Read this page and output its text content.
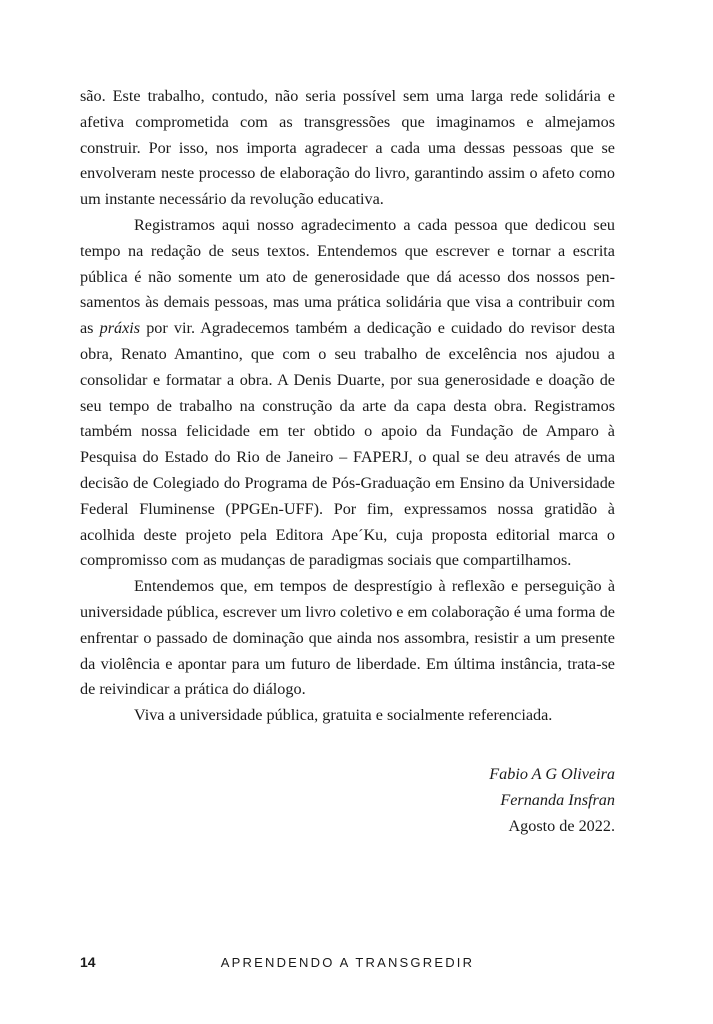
são. Este trabalho, contudo, não seria possível sem uma larga rede solidária e afetiva comprometida com as transgressões que imaginamos e almejamos construir. Por isso, nos importa agradecer a cada uma dessas pessoas que se envolveram neste processo de elaboração do livro, garantindo assim o afeto como um instante necessário da revolução educativa.

Registramos aqui nosso agradecimento a cada pessoa que dedicou seu tempo na redação de seus textos. Entendemos que escrever e tornar a escrita pública é não somente um ato de generosidade que dá acesso dos nossos pensamentos às demais pessoas, mas uma prática solidária que visa a contribuir com as práxis por vir. Agradecemos também a dedicação e cuidado do revisor desta obra, Renato Amantino, que com o seu trabalho de excelência nos ajudou a consolidar e formatar a obra. A Denis Duarte, por sua generosidade e doação de seu tempo de trabalho na construção da arte da capa desta obra. Registramos também nossa felicidade em ter obtido o apoio da Fundação de Amparo à Pesquisa do Estado do Rio de Janeiro – FAPERJ, o qual se deu através de uma decisão de Colegiado do Programa de Pós-Graduação em Ensino da Universidade Federal Fluminense (PPGEn-UFF). Por fim, expressamos nossa gratidão à acolhida deste projeto pela Editora Ape´Ku, cuja proposta editorial marca o compromisso com as mudanças de paradigmas sociais que compartilhamos.

Entendemos que, em tempos de desprestígio à reflexão e perseguição à universidade pública, escrever um livro coletivo e em colaboração é uma forma de enfrentar o passado de dominação que ainda nos assombra, resistir a um presente da violência e apontar para um futuro de liberdade. Em última instância, trata-se de reivindicar a prática do diálogo.

Viva a universidade pública, gratuita e socialmente referenciada.

Fabio A G Oliveira
Fernanda Insfran
Agosto de 2022.
14	APRENDENDO A TRANSGREDIR
